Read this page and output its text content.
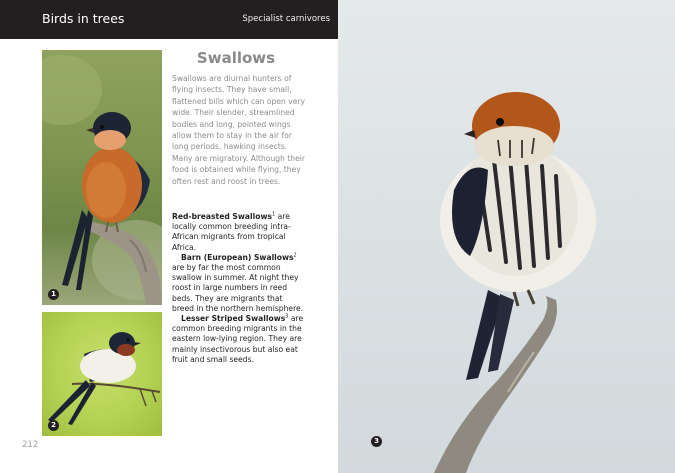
Birds in trees	Specialist carnivores
1
2
Swallows
Swallows are diurnal hunters of flying insects. They have small, flattened bills which can open very wide. Their slender, streamlined bodies and long, pointed wings allow them to stay in the air for long periods, hawking insects. Many are migratory. Although their food is obtained while flying, they often rest and roost in trees.

Red-breasted Swallows$^1$ are locally common breeding intra-African migrants from tropical Africa.

Barn (European) Swallows$^2$ are by far the most common swallow in summer. At night they roost in large numbers in reed beds. They are migrants that breed in the northern hemisphere.

Lesser Striped Swallows$^3$ are common breeding migrants in the eastern low-lying region. They are mainly insectivorous but also eat fruit and small seeds.

212	3
